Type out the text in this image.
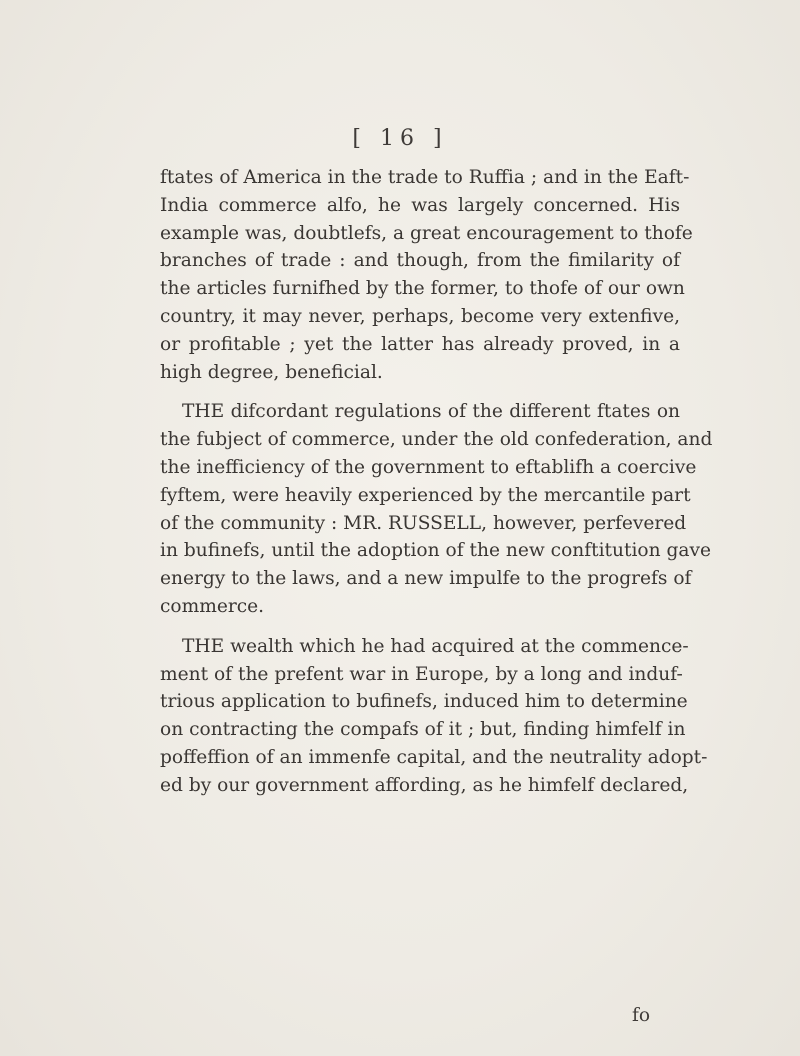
[ 16 ]
ftates of America in the trade to Ruffia ; and in the Eaft-
India commerce alfo, he was largely concerned. His
example was, doubtlefs, a great encouragement to thofe
branches of trade : and though, from the fimilarity of
the articles furnifhed by the former, to thofe of our own
country, it may never, perhaps, become very extenfive,
or profitable ; yet the latter has already proved, in a
high degree, beneficial.
THE difcordant regulations of the different ftates on
the fubject of commerce, under the old confederation, and
the inefficiency of the government to eftablifh a coercive
fyftem, were heavily experienced by the mercantile part
of the community : MR. RUSSELL, however, perfevered
in bufinefs, until the adoption of the new conftitution gave
energy to the laws, and a new impulfe to the progrefs of
commerce.
THE wealth which he had acquired at the commence-
ment of the prefent war in Europe, by a long and induf-
trious application to bufinefs, induced him to determine
on contracting the compafs of it ; but, finding himfelf in
poffeffion of an immenfe capital, and the neutrality adopt-
ed by our government affording, as he himfelf declared,
fo
